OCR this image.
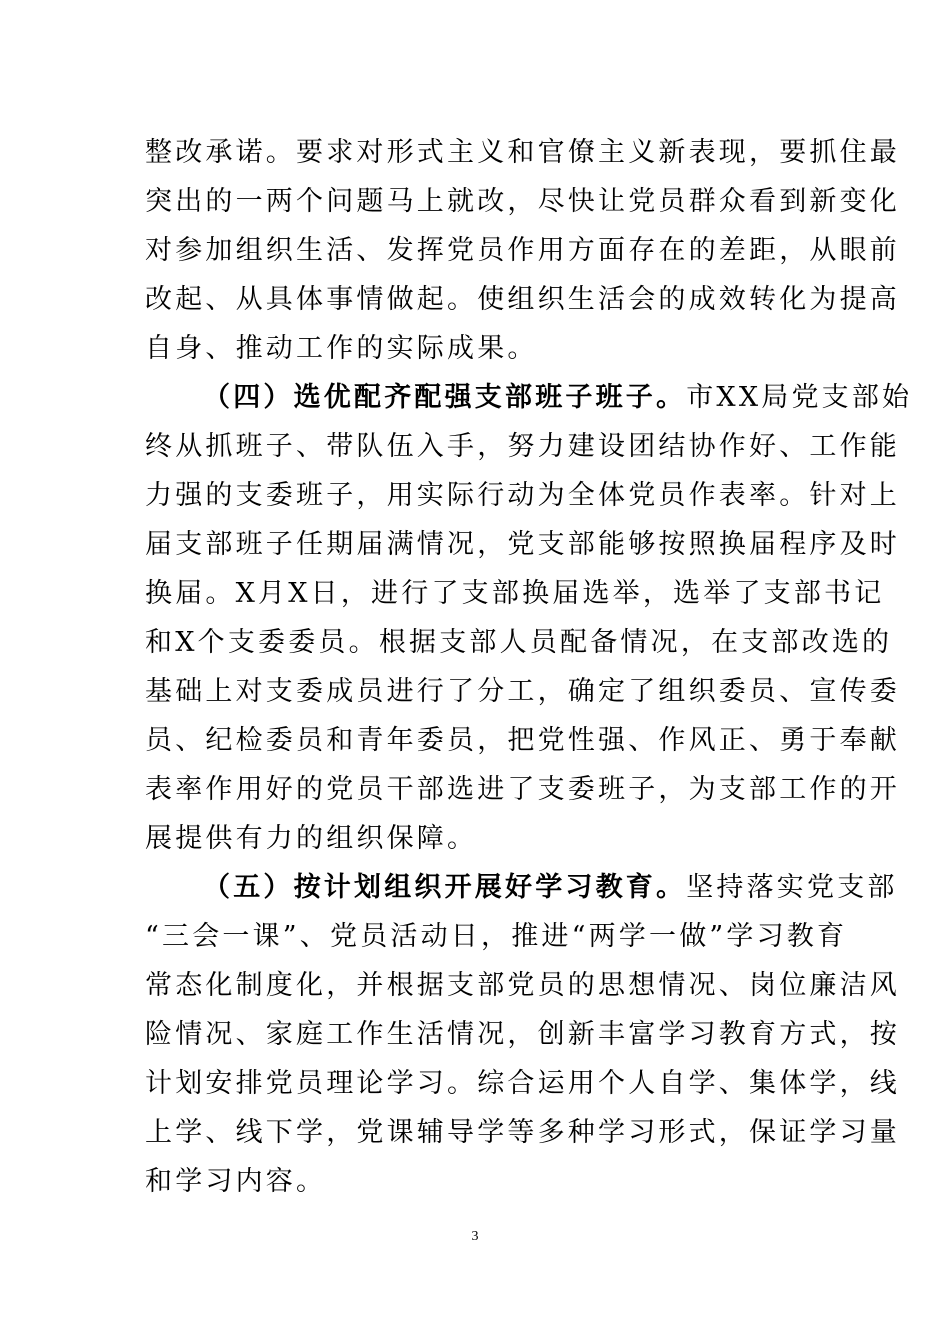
整改承诺。要求对形式主义和官僚主义新表现，要抓住最
突出的一两个问题马上就改，尽快让党员群众看到新变化
对参加组织生活、发挥党员作用方面存在的差距，从眼前
改起、从具体事情做起。使组织生活会的成效转化为提高
自身、推动工作的实际成果。
（四）选优配齐配强支部班子班子。市XX局党支部始
终从抓班子、带队伍入手，努力建设团结协作好、工作能
力强的支委班子，用实际行动为全体党员作表率。针对上
届支部班子任期届满情况，党支部能够按照换届程序及时
换届。X月X日，进行了支部换届选举，选举了支部书记
和X个支委委员。根据支部人员配备情况，在支部改选的
基础上对支委成员进行了分工，确定了组织委员、宣传委
员、纪检委员和青年委员，把党性强、作风正、勇于奉献
表率作用好的党员干部选进了支委班子，为支部工作的开
展提供有力的组织保障。
（五）按计划组织开展好学习教育。坚持落实党支部
“三会一课”、党员活动日，推进“两学一做”学习教育
常态化制度化，并根据支部党员的思想情况、岗位廉洁风
险情况、家庭工作生活情况，创新丰富学习教育方式，按
计划安排党员理论学习。综合运用个人自学、集体学，线
上学、线下学，党课辅导学等多种学习形式，保证学习量
和学习内容。
3
